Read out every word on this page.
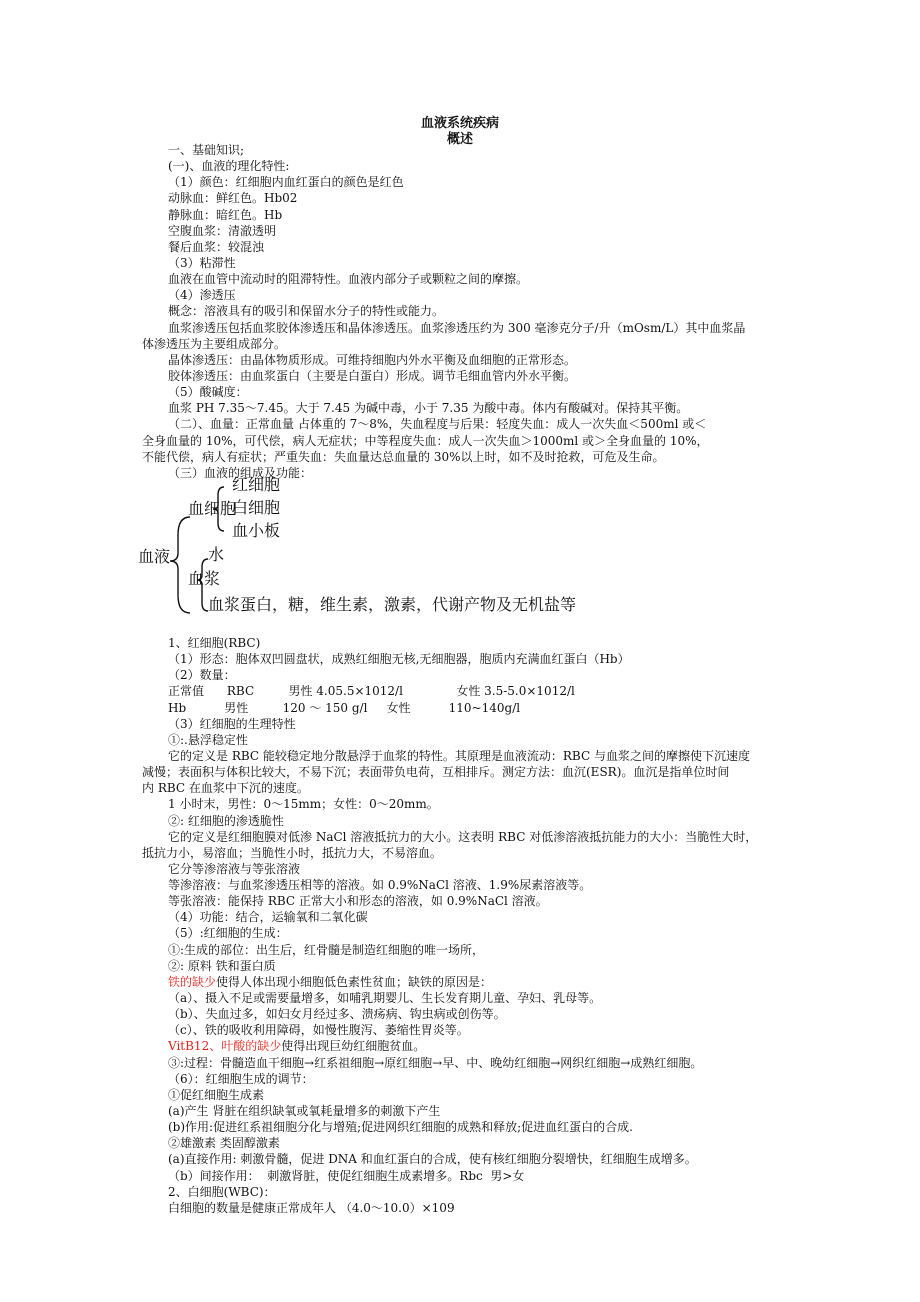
血液系统疾病
概述
一、基础知识;
(一)、血液的理化特性:
（1）颜色：红细胞内血红蛋白的颜色是红色
动脉血：鲜红色。Hb02
静脉血：暗红色。Hb
空腹血浆：清澈透明
餐后血浆：较混浊
（3）粘滞性
血液在血管中流动时的阻滞特性。血液内部分子或颗粒之间的摩擦。
（4）渗透压
概念：溶液具有的吸引和保留水分子的特性或能力。
血浆渗透压包括血浆胶体渗透压和晶体渗透压。血浆渗透压约为 300 毫渗克分子/升（mOsm/L）其中血浆晶
体渗透压为主要组成部分。
晶体渗透压：由晶体物质形成。可维持细胞内外水平衡及血细胞的正常形态。
胶体渗透压：由血浆蛋白（主要是白蛋白）形成。调节毛细血管内外水平衡。
（5）酸碱度：
血浆 PH 7.35～7.45。大于 7.45 为碱中毒，小于 7.35 为酸中毒。体内有酸碱对。保持其平衡。
（二）、血量：正常血量 占体重的 7～8%，失血程度与后果：轻度失血：成人一次失血＜500ml 或＜
全身血量的 10%，可代偿，病人无症状；中等程度失血：成人一次失血＞1000ml 或＞全身血量的 10%，
不能代偿，病人有症状；严重失血：失血量达总血量的 30%以上时，如不及时抢救，可危及生命。
（三）血液的组成及功能：
血液
血细胞
红细胞
白细胞
血小板
血浆
水
血浆蛋白，糖，维生素，激素，代谢产物及无机盐等
1、红细胞(RBC)
（1）形态：胞体双凹圆盘状，成熟红细胞无核,无细胞器，胞质内充满血红蛋白（Hb）
（2）数量：
正常值      RBC         男性 4.05.5×1012/l              女性 3.5-5.0×1012/l
Hb          男性         120 ～ 150 g/l     女性          110~140g/l
（3）红细胞的生理特性
①:.悬浮稳定性
它的定义是 RBC 能较稳定地分散悬浮于血浆的特性。其原理是血液流动：RBC 与血浆之间的摩擦使下沉速度
减慢；表面积与体积比较大，不易下沉；表面带负电荷，互相排斥。测定方法：血沉(ESR)。血沉是指单位时间
内 RBC 在血浆中下沉的速度。
1 小时末，男性：0～15mm；女性：0～20mm。
②: 红细胞的渗透脆性
它的定义是红细胞膜对低渗 NaCl 溶液抵抗力的大小。这表明 RBC 对低渗溶液抵抗能力的大小：当脆性大时，
抵抗力小，易溶血；当脆性小时，抵抗力大，不易溶血。
它分等渗溶液与等张溶液
等渗溶液：与血浆渗透压相等的溶液。如 0.9%NaCl 溶液、1.9%尿素溶液等。
等张溶液：能保持 RBC 正常大小和形态的溶液，如 0.9%NaCl 溶液。
（4）功能：结合，运输氧和二氧化碳
（5）:红细胞的生成：
①:生成的部位：出生后，红骨髓是制造红细胞的唯一场所，
②: 原料 铁和蛋白质
铁的缺少使得人体出现小细胞低色素性贫血；缺铁的原因是：
（a）、摄入不足或需要量增多，如哺乳期婴儿、生长发育期儿童、孕妇、乳母等。
（b）、失血过多，如妇女月经过多、溃疡病、钩虫病或创伤等。
（c）、铁的吸收利用障碍，如慢性腹泻、萎缩性胃炎等。
VitB12、叶酸的缺少使得出现巨幼红细胞贫血。
③:过程：骨髓造血干细胞→红系祖细胞→原红细胞→早、中、晚幼红细胞→网织红细胞→成熟红细胞。
（6）：红细胞生成的调节：
①促红细胞生成素
(a)产生 肾脏在组织缺氧或氧耗量增多的刺激下产生
(b)作用:促进红系祖细胞分化与增殖;促进网织红细胞的成熟和释放;促进血红蛋白的合成.
②雄激素 类固醇激素
(a)直接作用: 刺激骨髓，促进 DNA 和血红蛋白的合成，使有核红细胞分裂增快，红细胞生成增多。
（b）间接作用：  刺激肾脏，使促红细胞生成素增多。Rbc  男>女
2、白细胞(WBC)：
白细胞的数量是健康正常成年人 （4.0～10.0）×109
